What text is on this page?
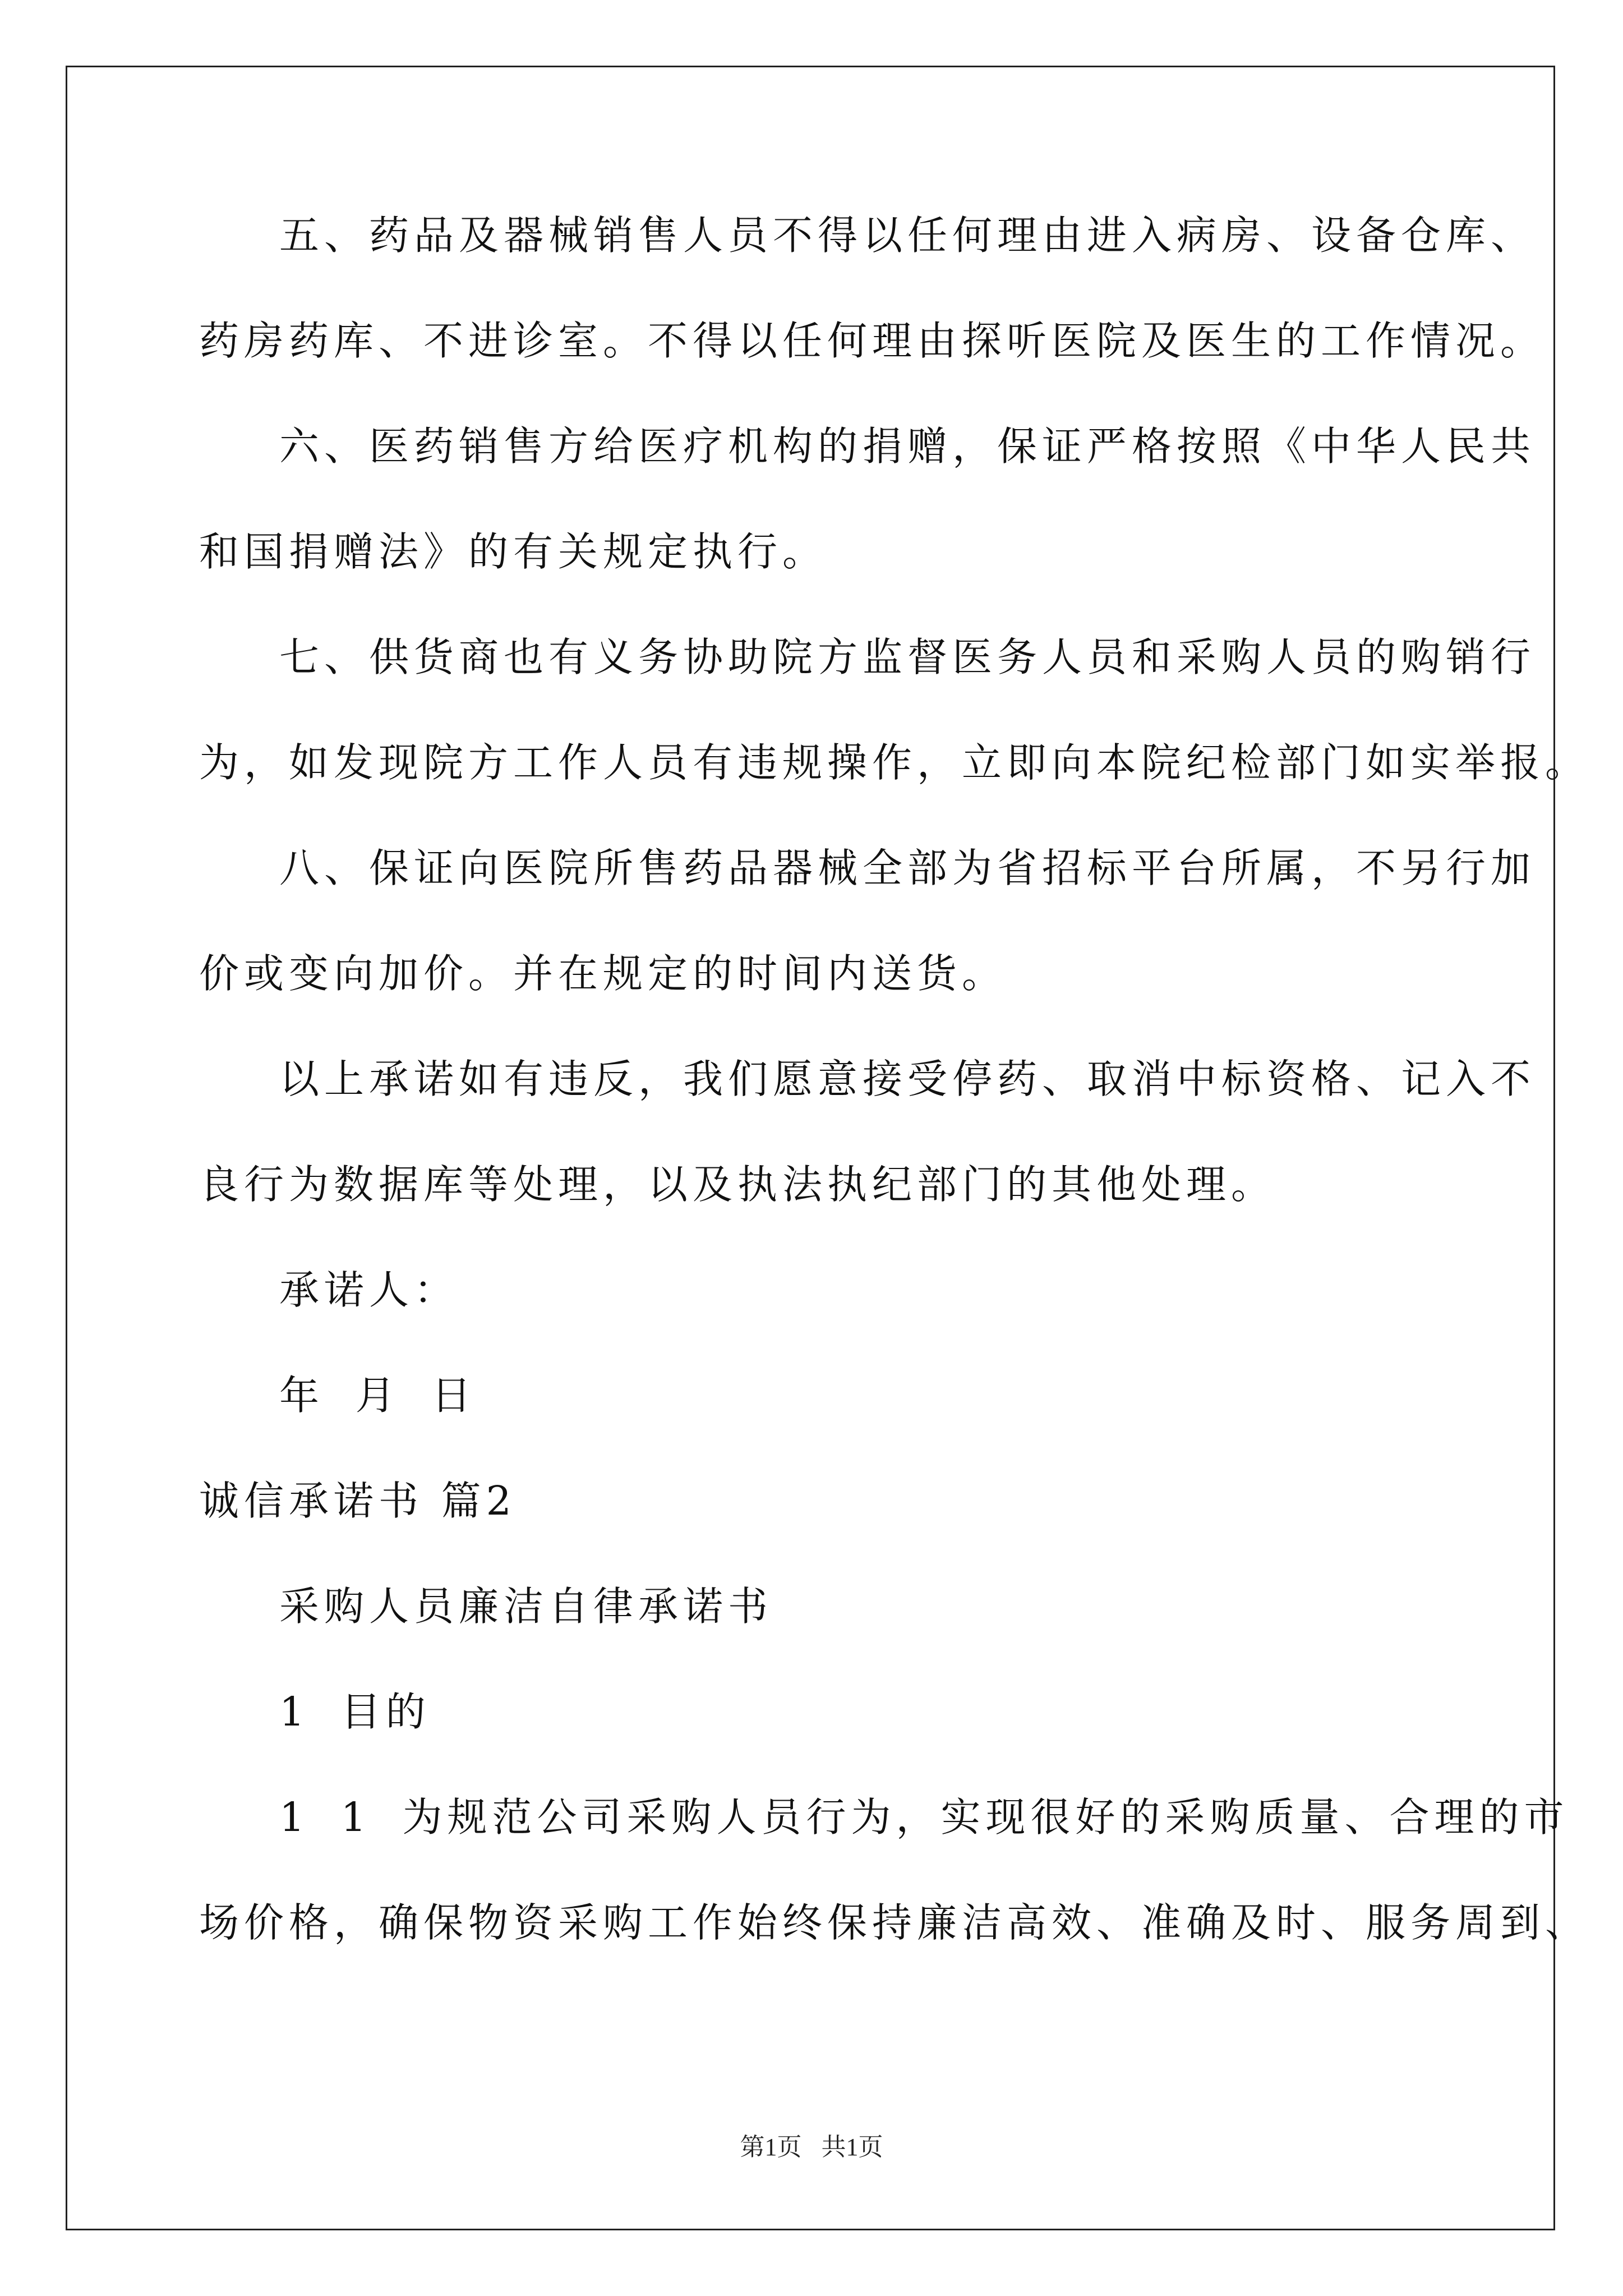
五、药品及器械销售人员不得以任何理由进入病房、设备仓库、

药房药库、不进诊室。不得以任何理由探听医院及医生的工作情况。

六、医药销售方给医疗机构的捐赠，保证严格按照《中华人民共

和国捐赠法》的有关规定执行。

七、供货商也有义务协助院方监督医务人员和采购人员的购销行

为，如发现院方工作人员有违规操作，立即向本院纪检部门如实举报。

八、保证向医院所售药品器械全部为省招标平台所属，不另行加

价或变向加价。并在规定的时间内送货。

以上承诺如有违反，我们愿意接受停药、取消中标资格、记入不

良行为数据库等处理，以及执法执纪部门的其他处理。

承诺人：

年 月 日

诚信承诺书 篇2

采购人员廉洁自律承诺书

1 目的

1 1 为规范公司采购人员行为，实现很好的采购质量、合理的市

场价格，确保物资采购工作始终保持廉洁高效、准确及时、服务周到、

第1页 共1页
